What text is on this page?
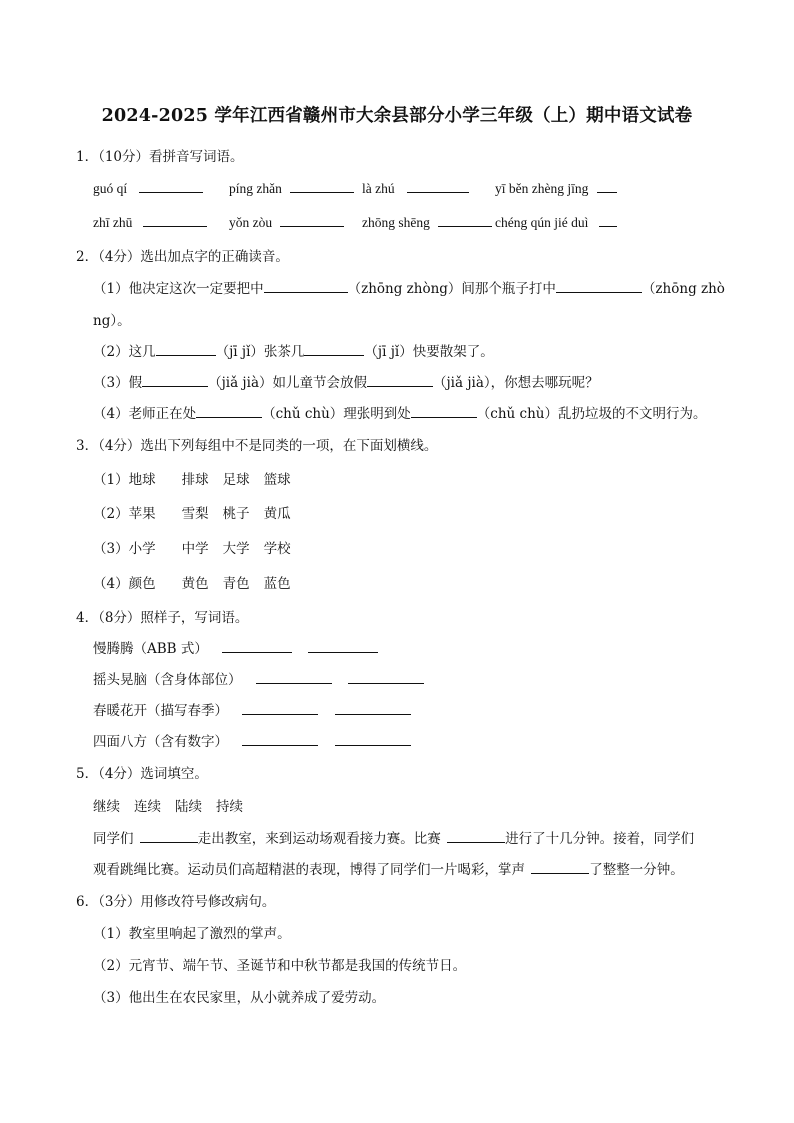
2024-2025 学年江西省赣州市大余县部分小学三年级（上）期中语文试卷
1．（10分）看拼音写词语。
guó qí	píng zhǎn	là zhú	yī běn zhèng jīng
zhī zhū	yǒn zòu	zhōng shēng	chéng qún jié duì
2．（4分）选出加点字的正确读音。
（1）他决定这次一定要把中	（zhōng zhòng）间那个瓶子打中	（zhōng zhò
ng）。
（2）这几	（jī jǐ）张茶几	（jī jǐ）快要散架了。
（3）假	（jiǎ jià）如儿童节会放假	（jiǎ jià），你想去哪玩呢？
（4）老师正在处	（chǔ chù）理张明到处	（chǔ chù）乱扔垃圾的不文明行为。
3．（4分）选出下列每组中不是同类的一项，在下面划横线。
（1）地球 排球 足球 篮球
（2）苹果 雪梨 桃子 黄瓜
（3）小学 中学 大学 学校
（4）颜色 黄色 青色 蓝色
4．（8分）照样子，写词语。
慢腾腾（ABB 式）
摇头晃脑（含身体部位）
春暖花开（描写春季）
四面八方（含有数字）
5．（4分）选词填空。
继续 连续 陆续 持续
同学们	走出教室，来到运动场观看接力赛。比赛	进行了十几分钟。接着，同学们
观看跳绳比赛。运动员们高超精湛的表现，博得了同学们一片喝彩，掌声	了整整一分钟。
6．（3分）用修改符号修改病句。
（1）教室里响起了激烈的掌声。
（2）元宵节、端午节、圣诞节和中秋节都是我国的传统节日。
（3）他出生在农民家里，从小就养成了爱劳动。
